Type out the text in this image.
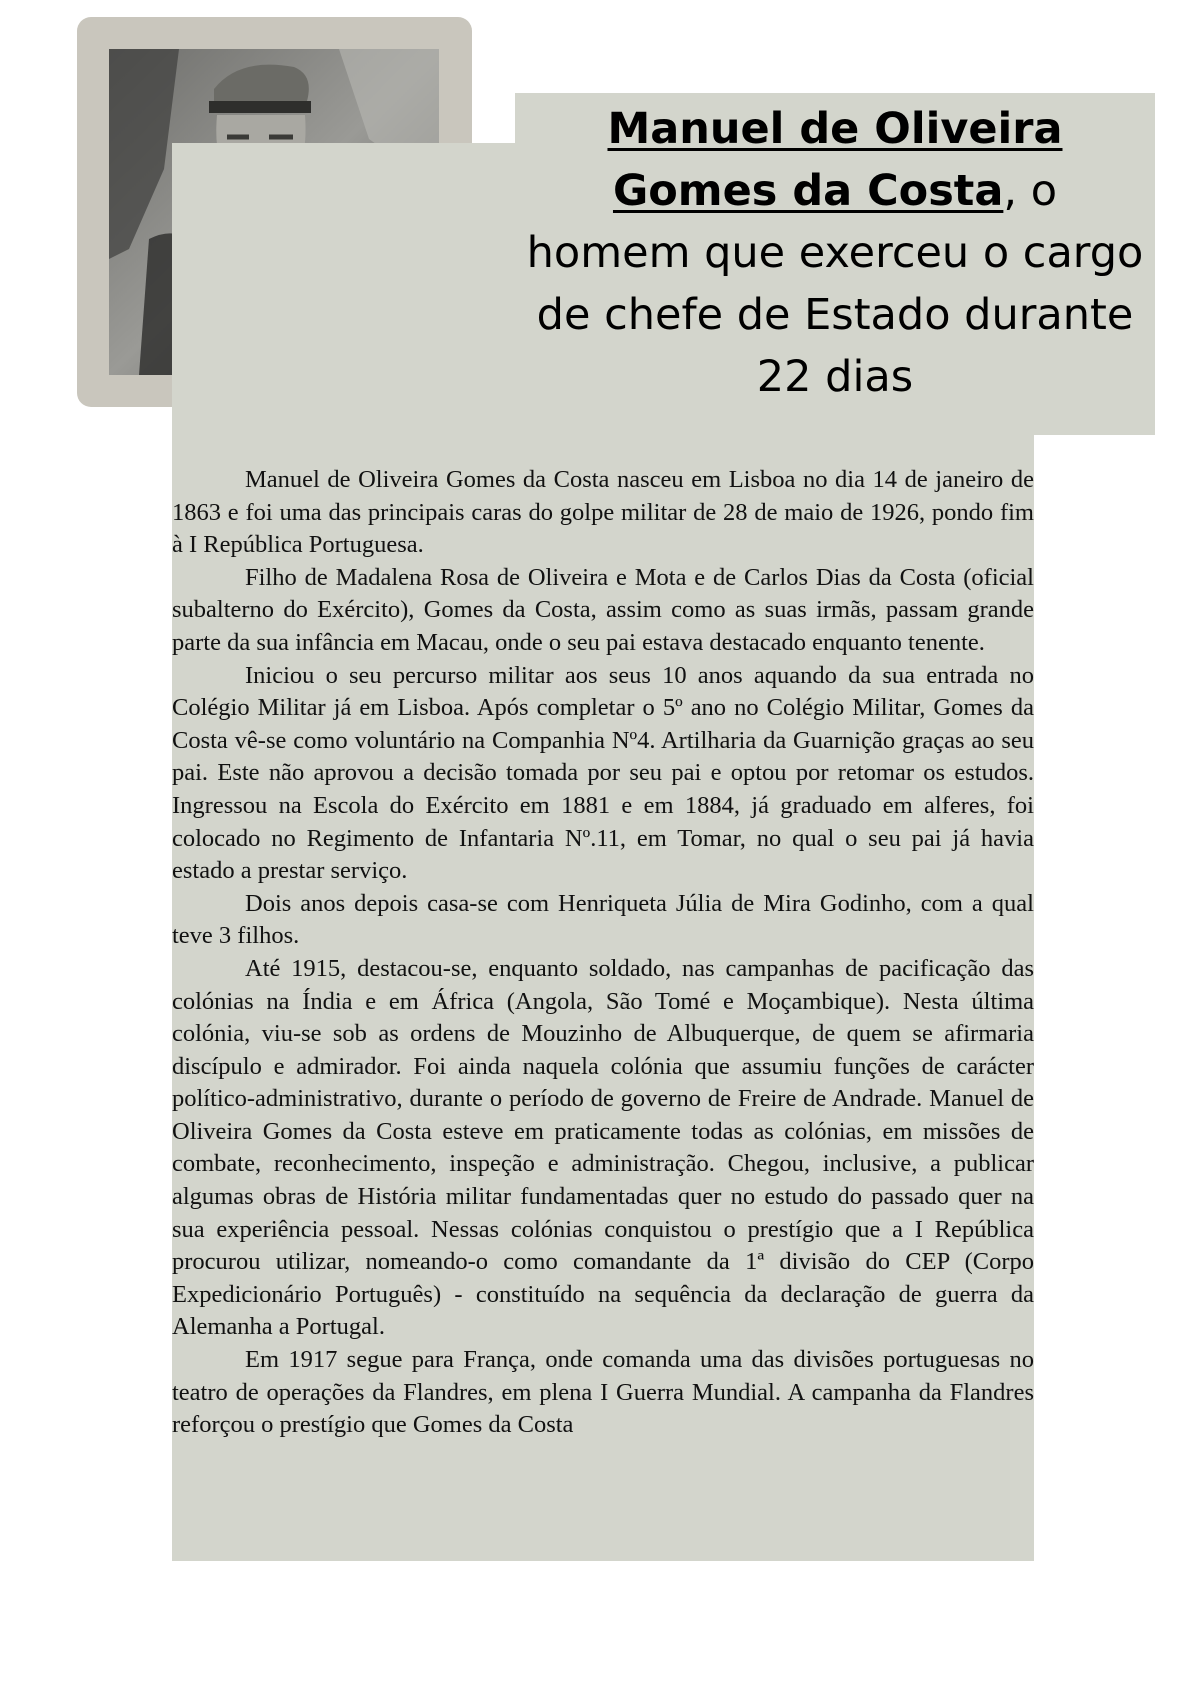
Manuel de Oliveira
Gomes da Costa, o
homem que exerceu o cargo de chefe de Estado durante 22 dias

Manuel de Oliveira Gomes da Costa nasceu em Lisboa no dia 14 de janeiro de 1863 e foi uma das principais caras do golpe militar de 28 de maio de 1926, pondo fim à I República Portuguesa.

Filho de Madalena Rosa de Oliveira e Mota e de Carlos Dias da Costa (oficial subalterno do Exército), Gomes da Costa, assim como as suas irmãs, passam grande parte da sua infância em Macau, onde o seu pai estava destacado enquanto tenente.

Iniciou o seu percurso militar aos seus 10 anos aquando da sua entrada no Colégio Militar já em Lisboa. Após completar o 5º ano no Colégio Militar, Gomes da Costa vê-se como voluntário na Companhia Nº4. Artilharia da Guarnição graças ao seu pai. Este não aprovou a decisão tomada por seu pai e optou por retomar os estudos. Ingressou na Escola do Exército em 1881 e em 1884, já graduado em alferes, foi colocado no Regimento de Infantaria Nº.11, em Tomar, no qual o seu pai já havia estado a prestar serviço.

Dois anos depois casa-se com Henriqueta Júlia de Mira Godinho, com a qual teve 3 filhos.

Até 1915, destacou-se, enquanto soldado, nas campanhas de pacificação das colónias na Índia e em África (Angola, São Tomé e Moçambique). Nesta última colónia, viu-se sob as ordens de Mouzinho de Albuquerque, de quem se afirmaria discípulo e admirador. Foi ainda naquela colónia que assumiu funções de carácter político-administrativo, durante o período de governo de Freire de Andrade. Manuel de Oliveira Gomes da Costa esteve em praticamente todas as colónias, em missões de combate, reconhecimento, inspeção e administração. Chegou, inclusive, a publicar algumas obras de História militar fundamentadas quer no estudo do passado quer na sua experiência pessoal. Nessas colónias conquistou o prestígio que a I República procurou utilizar, nomeando-o como comandante da 1ª divisão do CEP (Corpo Expedicionário Português) - constituído na sequência da declaração de guerra da Alemanha a Portugal.

Em 1917 segue para França, onde comanda uma das divisões portuguesas no teatro de operações da Flandres, em plena I Guerra Mundial. A campanha da Flandres reforçou o prestígio que Gomes da Costa
